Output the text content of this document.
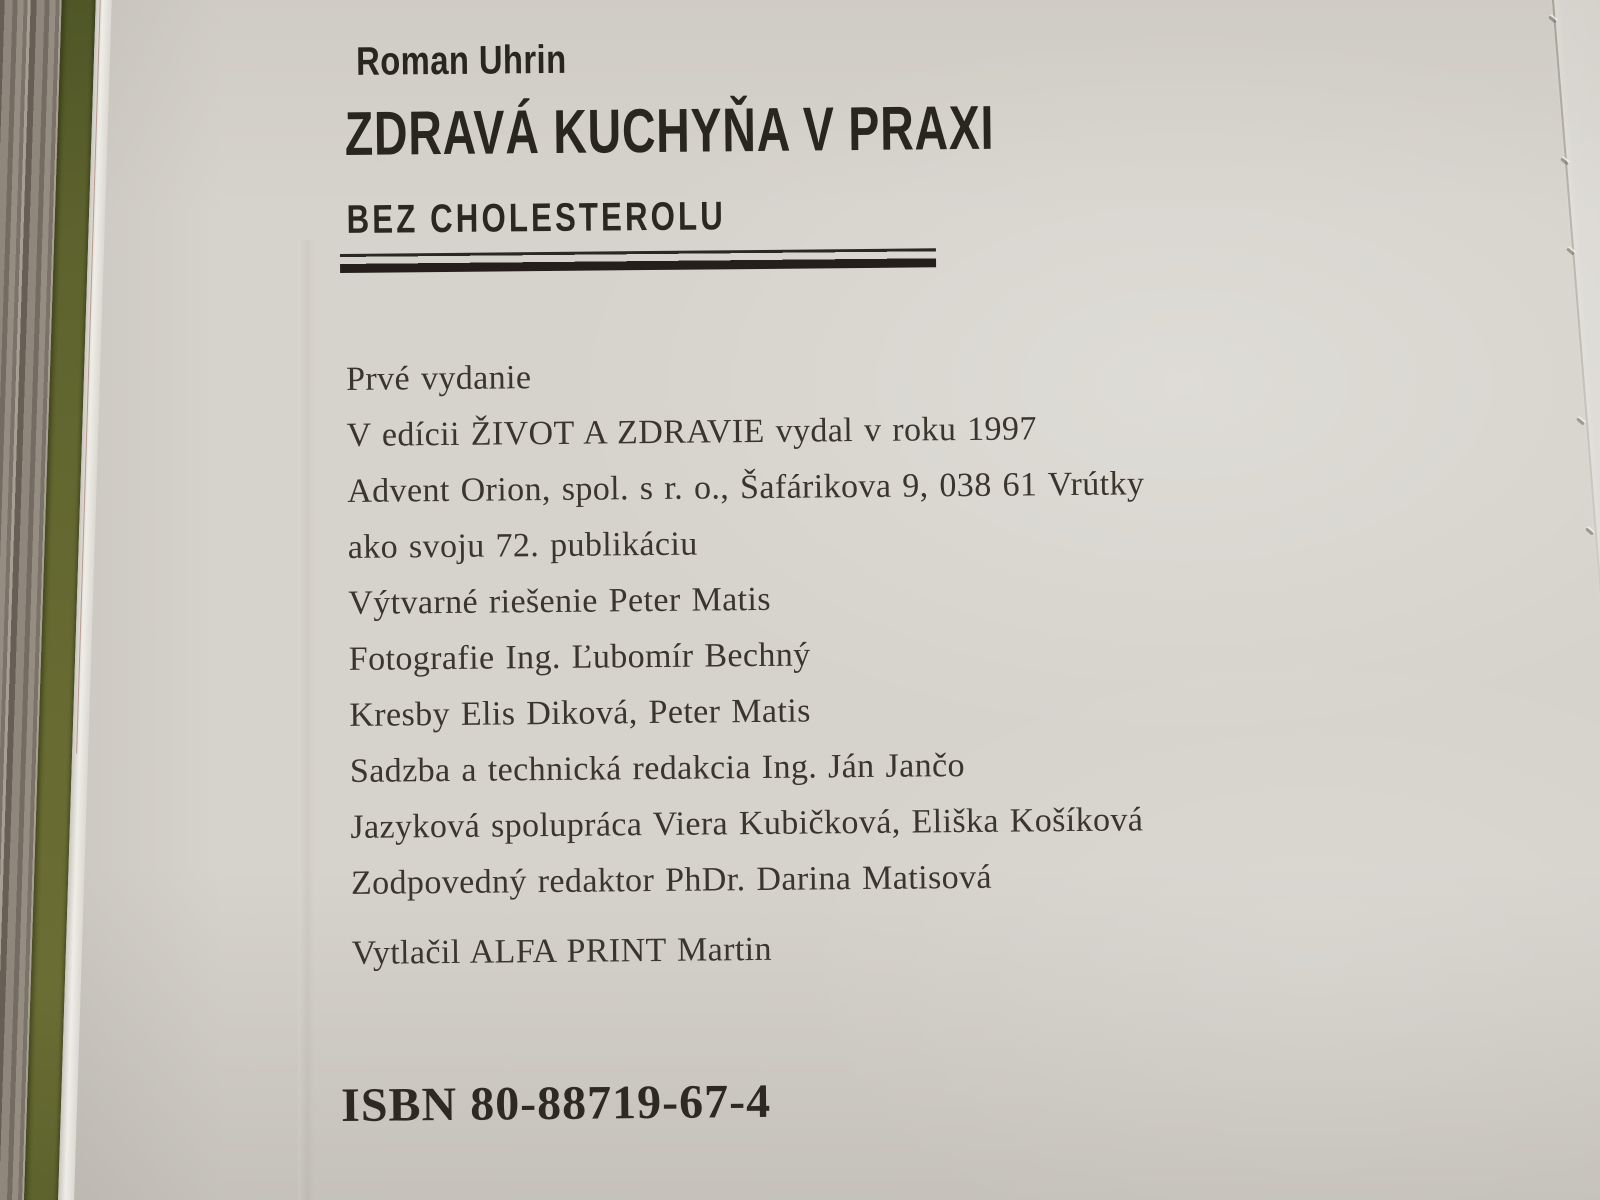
Roman Uhrin
ZDRAVÁ KUCHYŇA V PRAXI
BEZ CHOLESTEROLU
Prvé vydanie
V edícii ŽIVOT A ZDRAVIE vydal v roku 1997
Advent Orion, spol. s r. o., Šafárikova 9, 038 61 Vrútky
ako svoju 72. publikáciu
Výtvarné riešenie Peter Matis
Fotografie Ing. Ľubomír Bechný
Kresby Elis Diková, Peter Matis
Sadzba a technická redakcia Ing. Ján Jančo
Jazyková spolupráca Viera Kubičková, Eliška Košíková
Zodpovedný redaktor PhDr. Darina Matisová
Vytlačil ALFA PRINT Martin
ISBN 80-88719-67-4
